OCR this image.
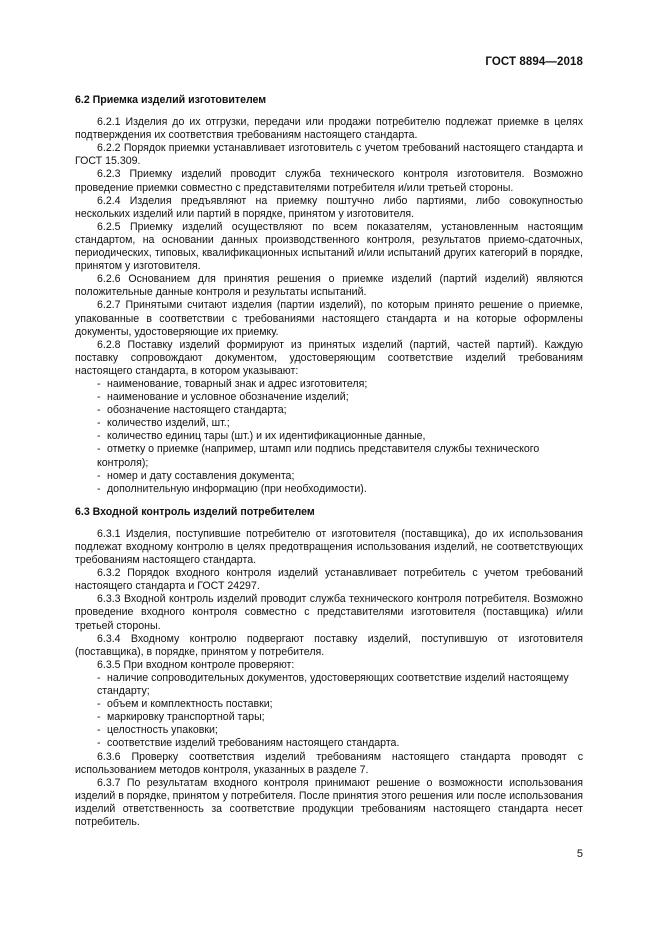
ГОСТ 8894—2018
6.2 Приемка изделий изготовителем

6.2.1 Изделия до их отгрузки, передачи или продажи потребителю подлежат приемке в целях подтверждения их соответствия требованиям настоящего стандарта.

6.2.2 Порядок приемки устанавливает изготовитель с учетом требований настоящего стандарта и ГОСТ 15.309.

6.2.3 Приемку изделий проводит служба технического контроля изготовителя. Возможно проведение приемки совместно с представителями потребителя и/или третьей стороны.

6.2.4 Изделия предъявляют на приемку поштучно либо партиями, либо совокупностью нескольких изделий или партий в порядке, принятом у изготовителя.

6.2.5 Приемку изделий осуществляют по всем показателям, установленным настоящим стандартом, на основании данных производственного контроля, результатов приемо-сдаточных, периодических, типовых, квалификационных испытаний и/или испытаний других категорий в порядке, принятом у изготовителя.

6.2.6 Основанием для принятия решения о приемке изделий (партий изделий) являются положительные данные контроля и результаты испытаний.

6.2.7 Принятыми считают изделия (партии изделий), по которым принято решение о приемке, упакованные в соответствии с требованиями настоящего стандарта и на которые оформлены документы, удостоверяющие их приемку.

6.2.8 Поставку изделий формируют из принятых изделий (партий, частей партий). Каждую поставку сопровождают документом, удостоверяющим соответствие изделий требованиям настоящего стандарта, в котором указывают:

- наименование, товарный знак и адрес изготовителя;

- наименование и условное обозначение изделий;

- обозначение настоящего стандарта;

- количество изделий, шт.;

- количество единиц тары (шт.) и их идентификационные данные,

- отметку о приемке (например, штамп или подпись представителя службы технического контроля);

- номер и дату составления документа;

- дополнительную информацию (при необходимости).

6.3 Входной контроль изделий потребителем

6.3.1 Изделия, поступившие потребителю от изготовителя (поставщика), до их использования подлежат входному контролю в целях предотвращения использования изделий, не соответствующих требованиям настоящего стандарта.

6.3.2 Порядок входного контроля изделий устанавливает потребитель с учетом требований настоящего стандарта и ГОСТ 24297.

6.3.3 Входной контроль изделий проводит служба технического контроля потребителя. Возможно проведение входного контроля совместно с представителями изготовителя (поставщика) и/или третьей стороны.

6.3.4 Входному контролю подвергают поставку изделий, поступившую от изготовителя (поставщика), в порядке, принятом у потребителя.

6.3.5 При входном контроле проверяют:

- наличие сопроводительных документов, удостоверяющих соответствие изделий настоящему стандарту;

- объем и комплектность поставки;

- маркировку транспортной тары;

- целостность упаковки;

- соответствие изделий требованиям настоящего стандарта.

6.3.6 Проверку соответствия изделий требованиям настоящего стандарта проводят с использованием методов контроля, указанных в разделе 7.

6.3.7 По результатам входного контроля принимают решение о возможности использования изделий в порядке, принятом у потребителя. После принятия этого решения или после использования изделий ответственность за соответствие продукции требованиям настоящего стандарта несет потребитель.

5
